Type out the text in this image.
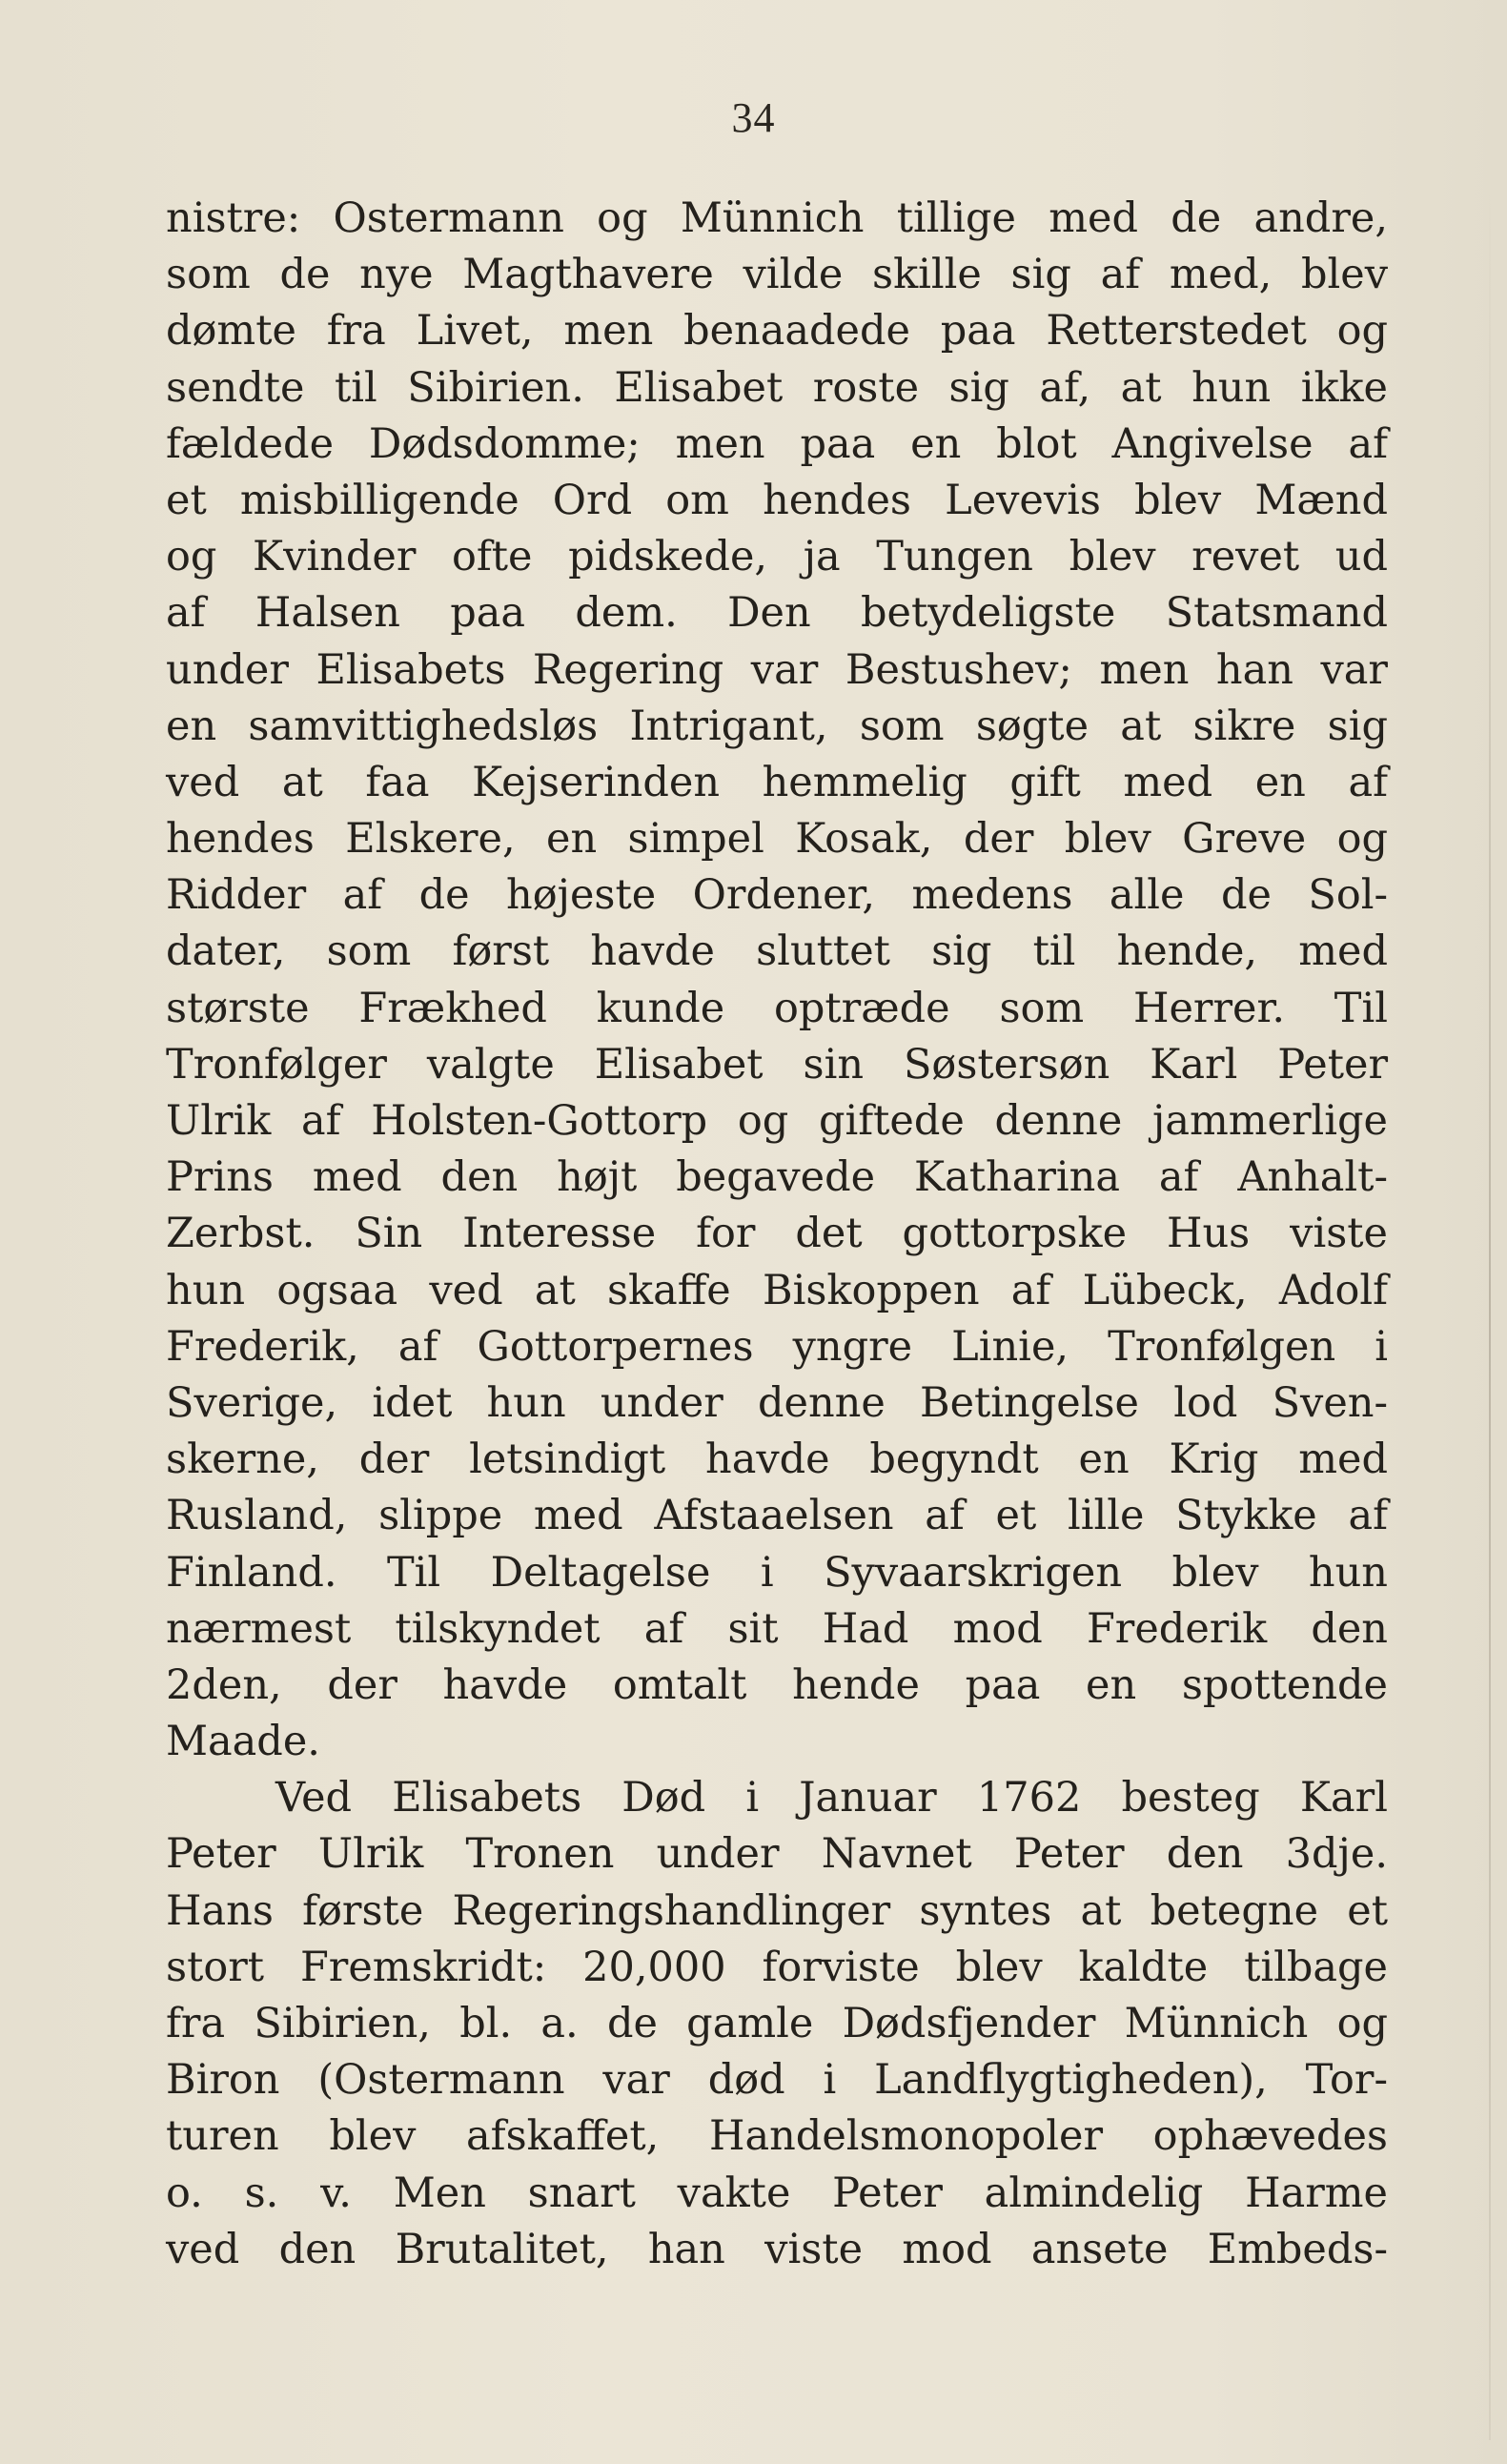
34
nistre: Ostermann og Münnich tillige med de andre,
som de nye Magthavere vilde skille sig af med, blev
dømte fra Livet, men benaadede paa Retterstedet og
sendte til Sibirien. Elisabet roste sig af, at hun ikke
fældede Dødsdomme; men paa en blot Angivelse af
et misbilligende Ord om hendes Levevis blev Mænd
og Kvinder ofte pidskede, ja Tungen blev revet ud
af Halsen paa dem. Den betydeligste Statsmand
under Elisabets Regering var Bestushev; men han var
en samvittighedsløs Intrigant, som søgte at sikre sig
ved at faa Kejserinden hemmelig gift med en af
hendes Elskere, en simpel Kosak, der blev Greve og
Ridder af de højeste Ordener, medens alle de Sol-
dater, som først havde sluttet sig til hende, med
største Frækhed kunde optræde som Herrer. Til
Tronfølger valgte Elisabet sin Søstersøn Karl Peter
Ulrik af Holsten-Gottorp og giftede denne jammerlige
Prins med den højt begavede Katharina af Anhalt-
Zerbst. Sin Interesse for det gottorpske Hus viste
hun ogsaa ved at skaffe Biskoppen af Lübeck, Adolf
Frederik, af Gottorpernes yngre Linie, Tronfølgen i
Sverige, idet hun under denne Betingelse lod Sven-
skerne, der letsindigt havde begyndt en Krig med
Rusland, slippe med Afstaaelsen af et lille Stykke af
Finland. Til Deltagelse i Syvaarskrigen blev hun
nærmest tilskyndet af sit Had mod Frederik den
2den, der havde omtalt hende paa en spottende
Maade.
Ved Elisabets Død i Januar 1762 besteg Karl
Peter Ulrik Tronen under Navnet Peter den 3dje.
Hans første Regeringshandlinger syntes at betegne et
stort Fremskridt: 20,000 forviste blev kaldte tilbage
fra Sibirien, bl. a. de gamle Dødsfjender Münnich og
Biron (Ostermann var død i Landflygtigheden), Tor-
turen blev afskaffet, Handelsmonopoler ophævedes
o. s. v. Men snart vakte Peter almindelig Harme
ved den Brutalitet, han viste mod ansete Embeds-
